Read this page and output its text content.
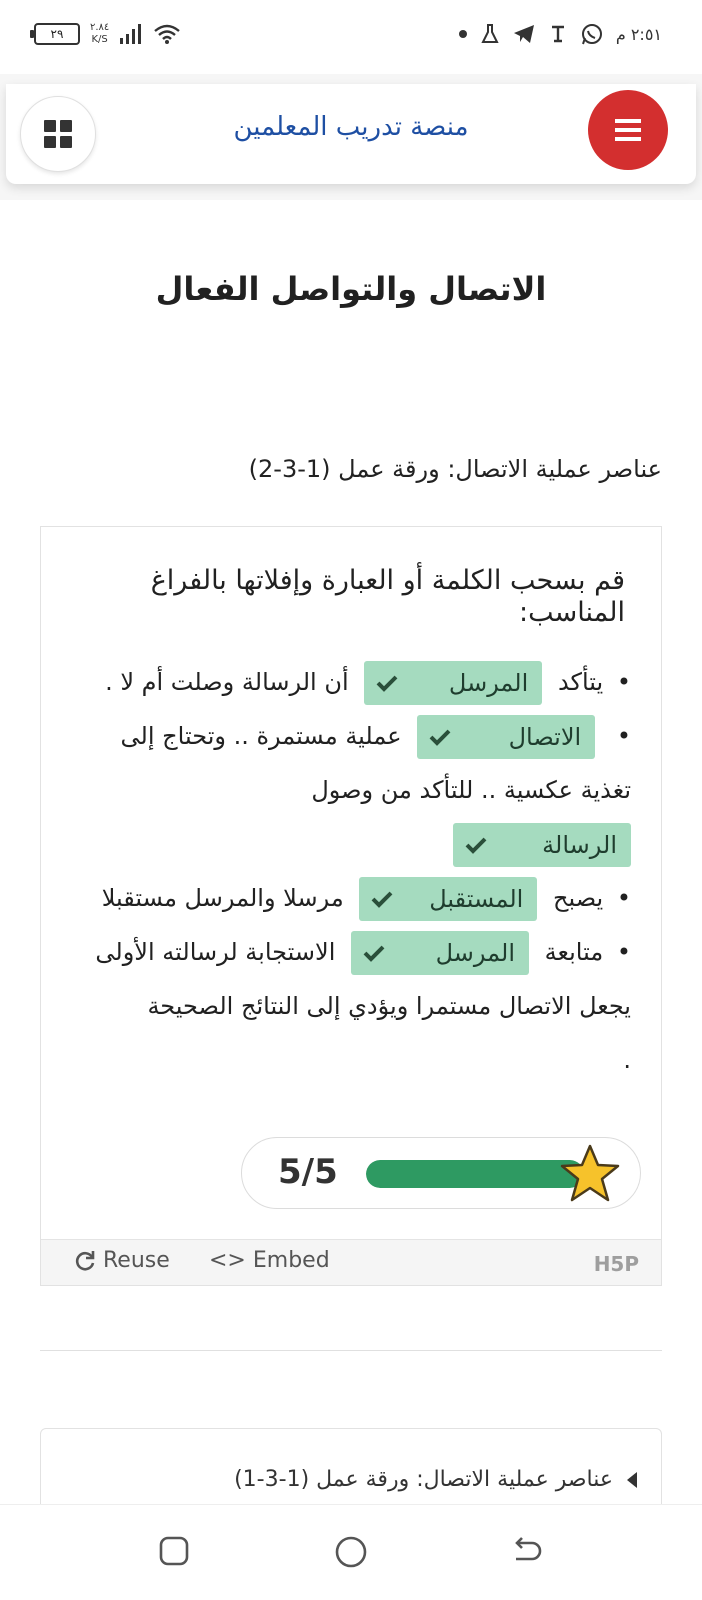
٢٩	٢.٨٤
K/S	٢:٥١ م
منصة تدريب المعلمين
الاتصال والتواصل الفعال
عناصر عملية الاتصال: ورقة عمل (1-3-2)
قم بسحب الكلمة أو العبارة وإفلاتها بالفراغ المناسب:
• يتأكد
المرسل
أن الرسالة وصلت أم لا .
•
الاتصال
عملية مستمرة .. وتحتاج إلى
تغذية عكسية .. للتأكد من وصول
الرسالة
• يصبح
المستقبل
مرسلا والمرسل مستقبلا
• متابعة
المرسل
الاستجابة لرسالته الأولى
يجعل الاتصال مستمرا ويؤدي إلى النتائج الصحيحة
.
5/5
Reuse <> Embed	H5P
عناصر عملية الاتصال: ورقة عمل (1-3-1)
